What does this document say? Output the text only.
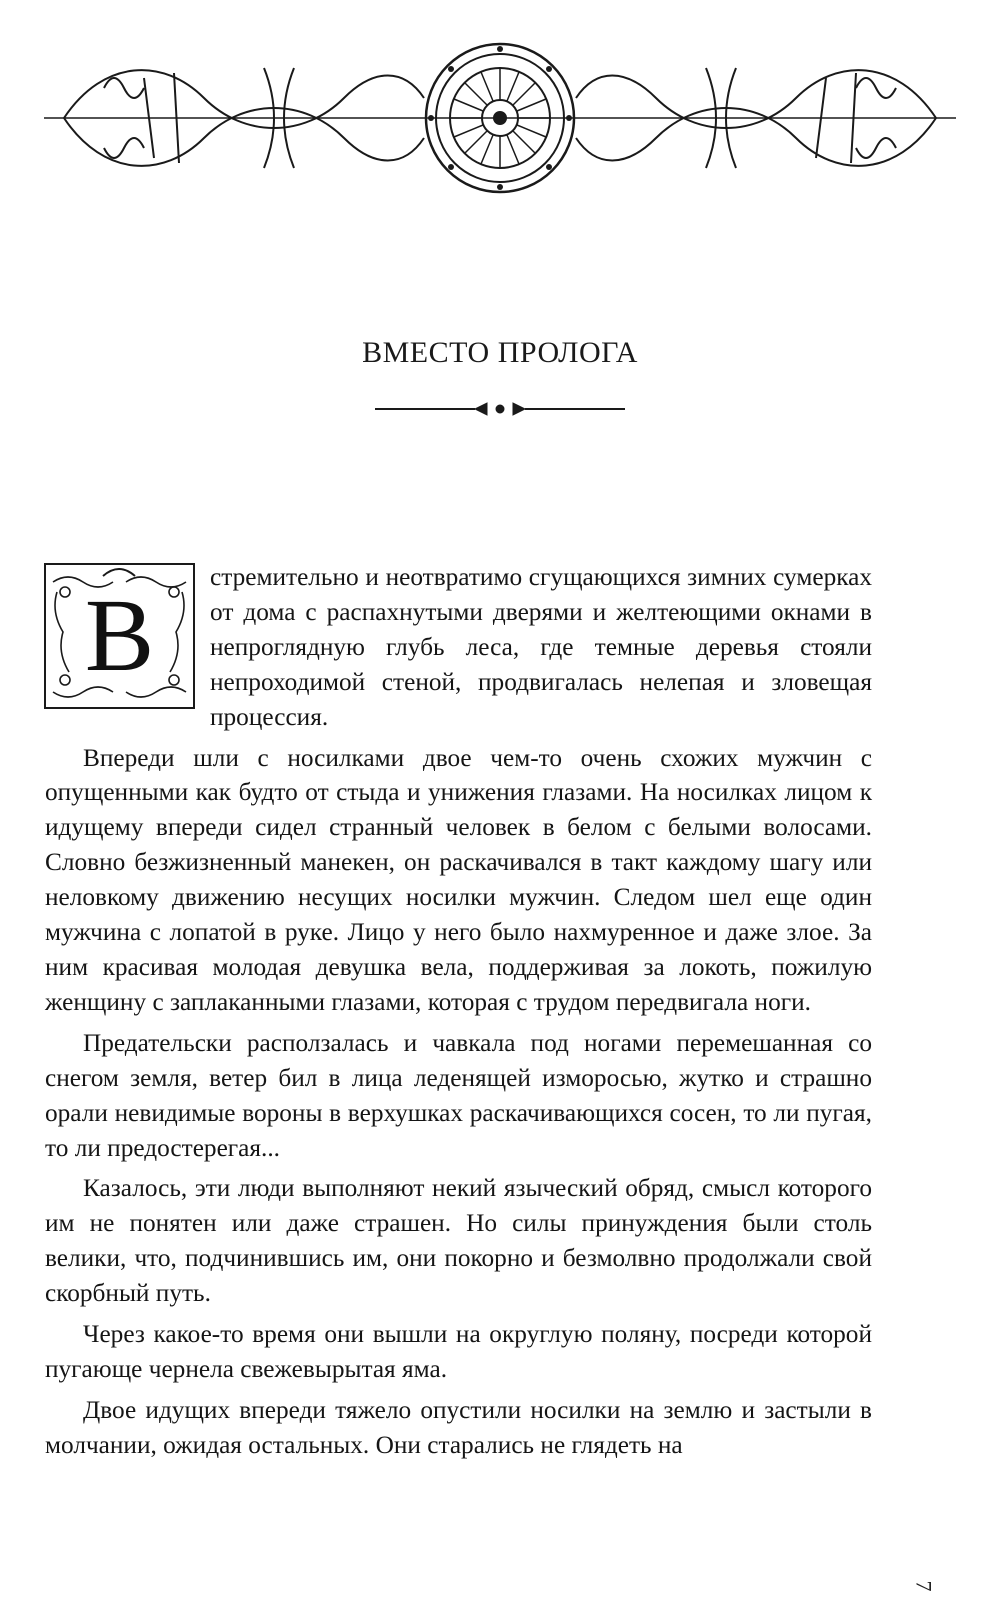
ВМЕСТО ПРОЛОГА
В

стремительно и неотвратимо сгущающихся зимних сумерках от дома с распахнутыми дверями и желтеющими окнами в непроглядную глубь леса, где темные деревья стояли непроходимой стеной, продвигалась нелепая и зловещая процессия.

Впереди шли с носилками двое чем-то очень схожих мужчин с опущенными как будто от стыда и унижения глазами. На носилках лицом к идущему впереди сидел странный человек в белом с белыми волосами. Словно безжизненный манекен, он раскачивался в такт каждому шагу или неловкому движению несущих носилки мужчин. Следом шел еще один мужчина с лопатой в руке. Лицо у него было нахмуренное и даже злое. За ним красивая молодая девушка вела, поддерживая за локоть, пожилую женщину с заплаканными глазами, которая с трудом передвигала ноги.

Предательски расползалась и чавкала под ногами перемешанная со снегом земля, ветер бил в лица леденящей изморосью, жутко и страшно орали невидимые вороны в верхушках раскачивающихся сосен, то ли пугая, то ли предостерегая...

Казалось, эти люди выполняют некий языческий обряд, смысл которого им не понятен или даже страшен. Но силы принуждения были столь велики, что, подчинившись им, они покорно и безмолвно продолжали свой скорбный путь.

Через какое-то время они вышли на округлую поляну, посреди которой пугающе чернела свежевырытая яма.

Двое идущих впереди тяжело опустили носилки на землю и застыли в молчании, ожидая остальных. Они старались не глядеть на

7
